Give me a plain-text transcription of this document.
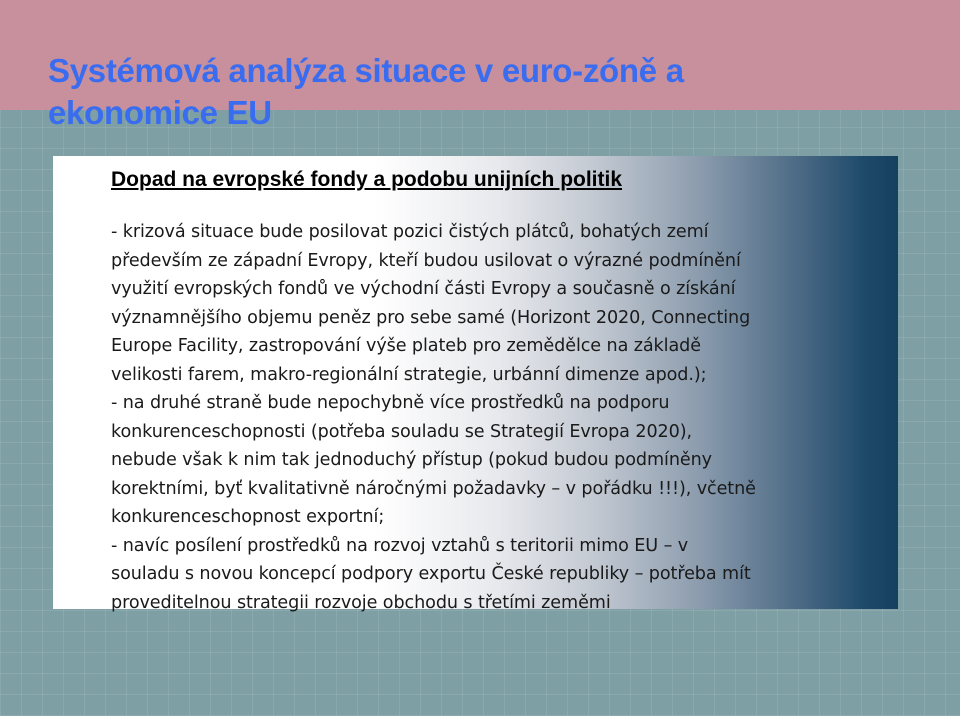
Systémová analýza situace v euro-zóně a
ekonomice EU

Dopad na evropské fondy a podobu unijních politik

- krizová situace bude posilovat pozici čistých plátců, bohatých zemí
především ze západní Evropy, kteří budou usilovat o výrazné podmínění
využití evropských fondů ve východní části Evropy a současně o získání
významnějšího objemu peněz pro sebe samé (Horizont 2020, Connecting
Europe Facility, zastropování výše plateb pro zemědělce na základě
velikosti farem, makro-regionální strategie, urbánní dimenze apod.);
- na druhé straně bude nepochybně více prostředků na podporu
konkurenceschopnosti (potřeba souladu se Strategií Evropa 2020),
nebude však k nim tak jednoduchý přístup (pokud budou podmíněny
korektními, byť kvalitativně náročnými požadavky – v pořádku !!!), včetně
konkurenceschopnost exportní;
- navíc posílení prostředků na rozvoj vztahů s teritorii mimo EU – v
souladu s novou koncepcí podpory exportu České republiky – potřeba mít
proveditelnou strategii rozvoje obchodu s třetími zeměmi
